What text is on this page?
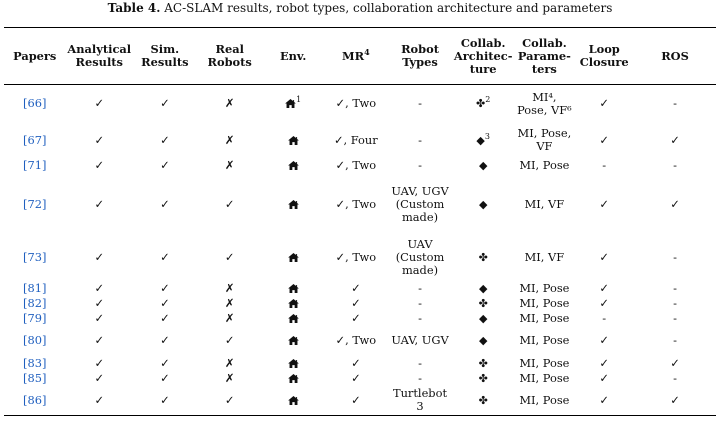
Table 4. AC-SLAM results, robot types, collaboration architecture and parameters
Papers	Analytical Results	Sim. Results	Real Robots	Env.	$MR^4$	Robot Types	Collab. Architec- ture	Collab. Parame- ters	Loop Closure	ROS
[66]	✓	✓	✗	$^1$	✓, Two	-	✤$^2$	MI⁴, Pose, VF⁶	✓	-
[67]	✓	✓	✗		✓, Four	-	◆$^3$	MI, Pose, VF	✓	✓
[71]	✓	✓	✗		✓, Two	-	◆	MI, Pose	-	-
[72]	✓	✓	✓		✓, Two	UAV, UGV (Custom made)	◆	MI, VF	✓	✓
[73]	✓	✓	✓		✓, Two	UAV (Custom made)	✤	MI, VF	✓	-
[81]	✓	✓	✗		✓	-	◆	MI, Pose	✓	-
[82]	✓	✓	✗		✓	-	✤	MI, Pose	✓	-
[79]	✓	✓	✗		✓	-	◆	MI, Pose	-	-
[80]	✓	✓	✓		✓, Two	UAV, UGV	◆	MI, Pose	✓	-
[83]	✓	✓	✗		✓	-	✤	MI, Pose	✓	✓
[85]	✓	✓	✗		✓	-	✤	MI, Pose	✓	-
[86]	✓	✓	✓		✓	Turtlebot 3	✤	MI, Pose	✓	✓
